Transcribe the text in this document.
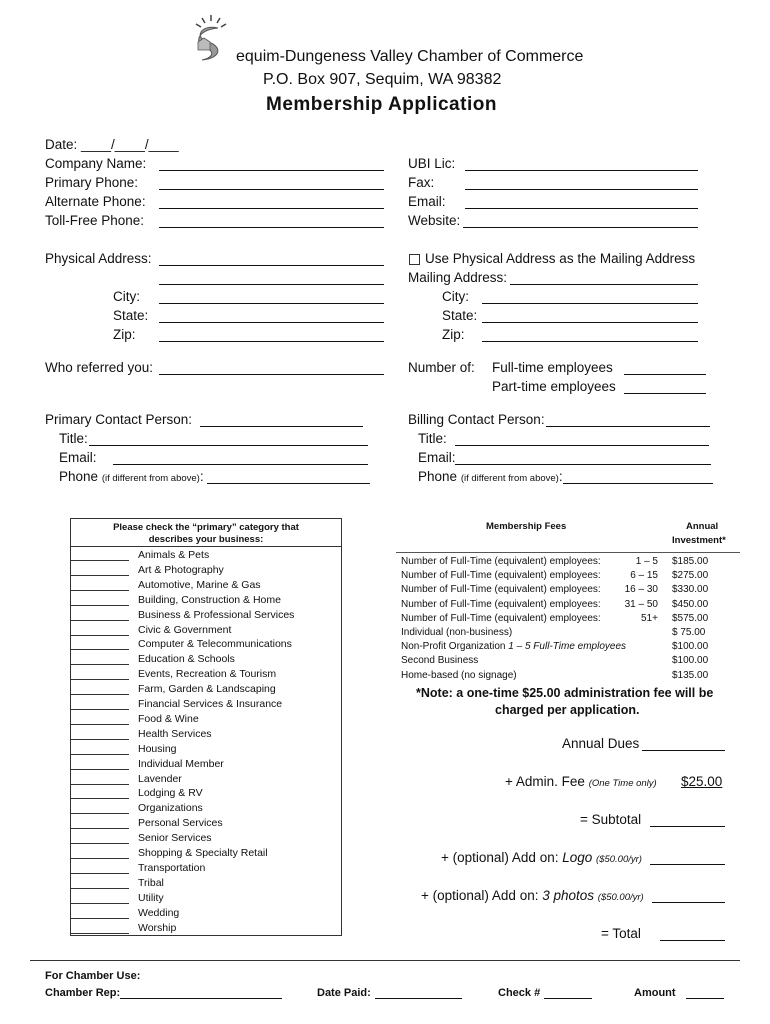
equim-Dungeness Valley Chamber of Commerce
P.O. Box 907, Sequim, WA 98382
Membership Application
Date: ____/____/____
Company Name:
Primary Phone:
Alternate Phone:
Toll-Free Phone:
Physical Address:
City:
State:
Zip:
Who referred you:
UBI Lic:
Fax:
Email:
Website:
Use Physical Address as the Mailing Address
Mailing Address:
City:
State:
Zip:
Number of: Full-time employees
Part-time employees
Primary Contact Person:
Title:
Email:
Phone (if different from above):
Billing Contact Person:
Title:
Email:
Phone (if different from above):
Please check the “primary” category that
describes your business:
Animals & Pets
Art & Photography
Automotive, Marine & Gas
Building, Construction & Home
Business & Professional Services
Civic & Government
Computer & Telecommunications
Education & Schools
Events, Recreation & Tourism
Farm, Garden & Landscaping
Financial Services & Insurance
Food & Wine
Health Services
Housing
Individual Member
Lavender
Lodging & RV
Organizations
Personal Services
Senior Services
Shopping & Specialty Retail
Transportation
Tribal
Utility
Wedding
Worship
Membership Fees	Annual
Investment*
Number of Full-Time (equivalent) employees:	1 – 5 $185.00
Number of Full-Time (equivalent) employees:	6 – 15 $275.00
Number of Full-Time (equivalent) employees: 16 – 30 $330.00
Number of Full-Time (equivalent) employees: 31 – 50 $450.00
Number of Full-Time (equivalent) employees:	51+ $575.00
Individual (non-business)	$ 75.00
Non-Profit Organization 1 – 5 Full-Time employees	$100.00
Second Business	$100.00
Home-based (no signage)	$135.00
*Note: a one-time $25.00 administration fee will be
charged per application.
Annual Dues
+ Admin. Fee (One Time only) $25.00
= Subtotal
+ (optional) Add on: Logo ($50.00/yr)
+ (optional) Add on: 3 photos ($50.00/yr)
= Total
For Chamber Use:
Chamber Rep:	Date Paid:	Check #	Amount
